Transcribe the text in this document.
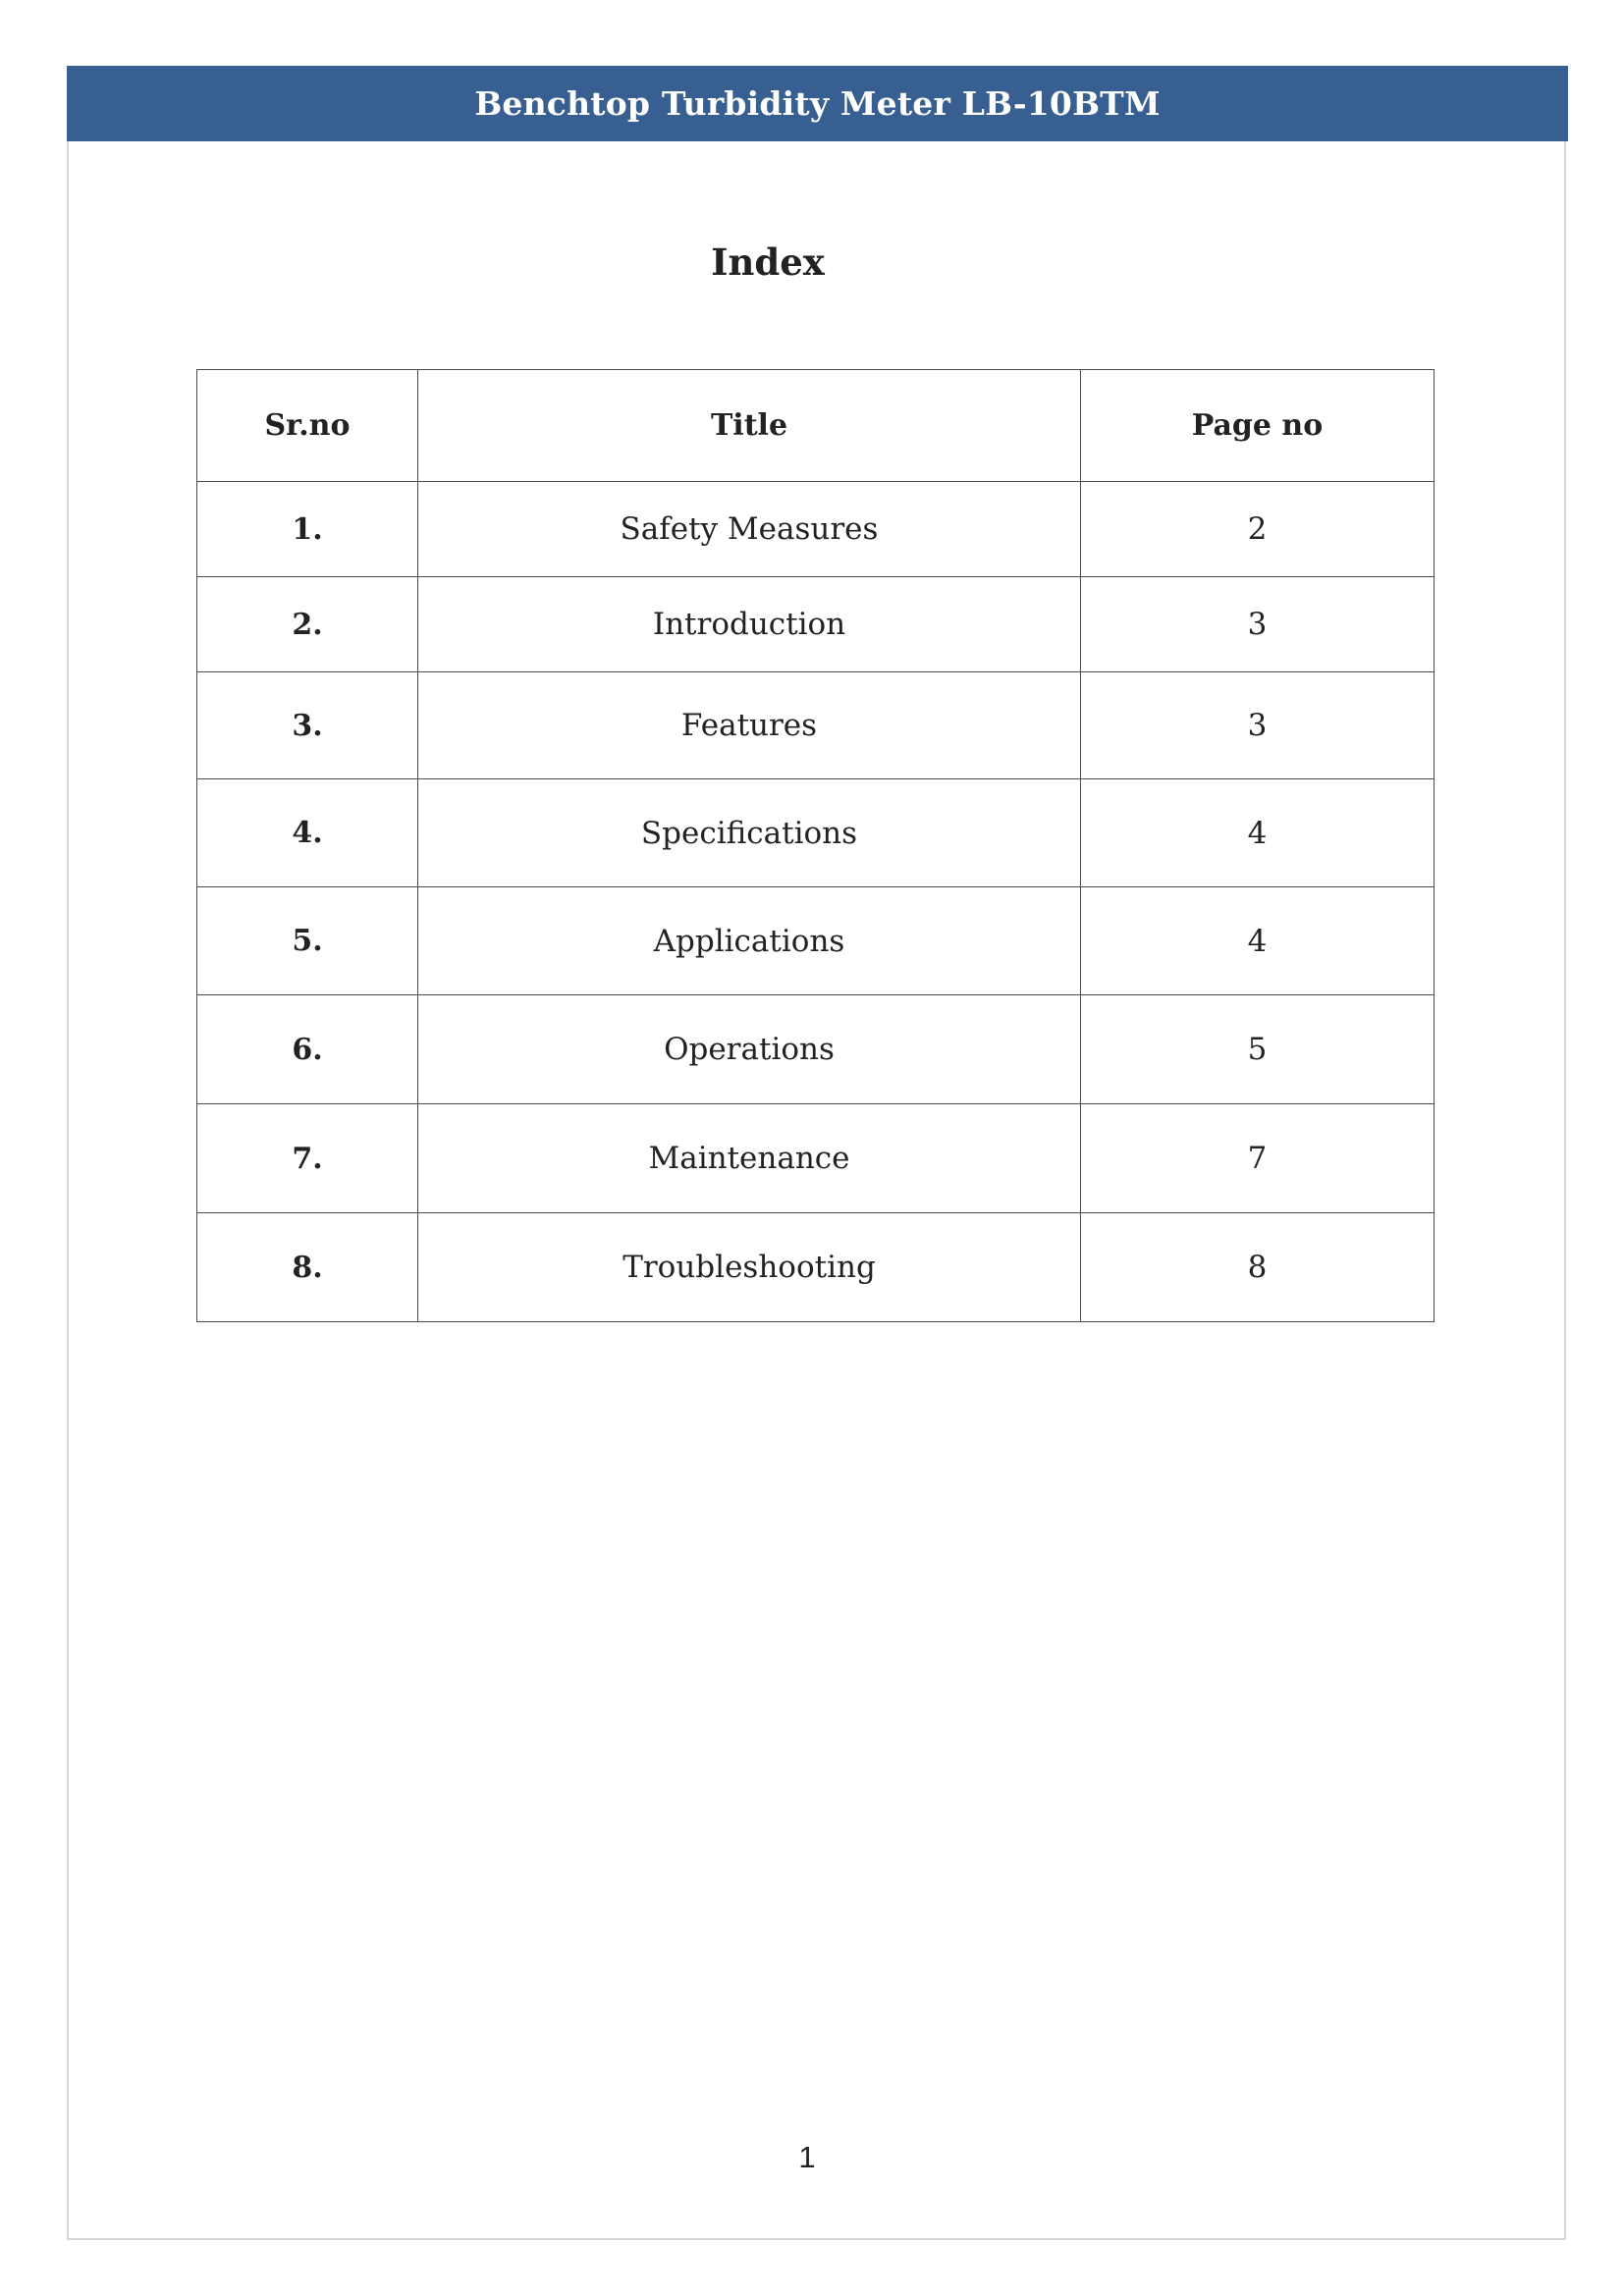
Benchtop Turbidity Meter LB-10BTM
Index
Sr.no	Title	Page no
1.	Safety Measures	2
2.	Introduction	3
3.	Features	3
4.	Specifications	4
5.	Applications	4
6.	Operations	5
7.	Maintenance	7
8.	Troubleshooting	8
1
